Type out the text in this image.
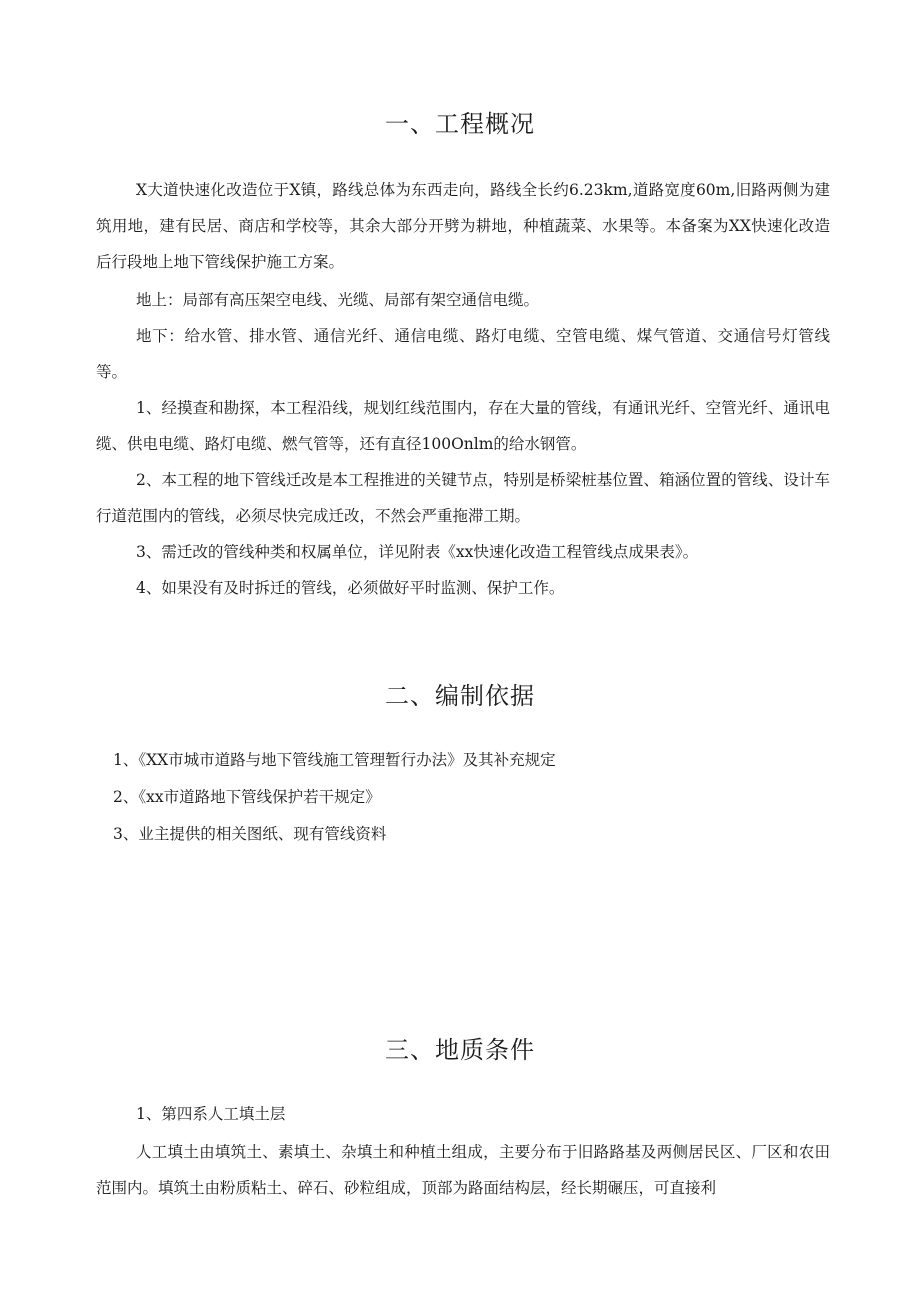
一、工程概况

X大道快速化改造位于X镇，路线总体为东西走向，路线全长约6.23km,道路宽度60m,旧路两侧为建筑用地，建有民居、商店和学校等，其余大部分开劈为耕地，种植蔬菜、水果等。本备案为XX快速化改造后行段地上地下管线保护施工方案。

地上：局部有高压架空电线、光缆、局部有架空通信电缆。

地下：给水管、排水管、通信光纤、通信电缆、路灯电缆、空管电缆、煤气管道、交通信号灯管线等。

1、经摸查和勘探，本工程沿线，规划红线范围内，存在大量的管线，有通讯光纤、空管光纤、通讯电缆、供电电缆、路灯电缆、燃气管等，还有直径100Onlm的给水钢管。

2、本工程的地下管线迁改是本工程推进的关键节点，特别是桥梁桩基位置、箱涵位置的管线、设计车行道范围内的管线，必须尽快完成迁改，不然会严重拖滞工期。

3、需迁改的管线种类和权属单位，详见附表《xx快速化改造工程管线点成果表》。

4、如果没有及时拆迁的管线，必须做好平时监测、保护工作。

二、编制依据

1、《XX市城市道路与地下管线施工管理暂行办法》及其补充规定

2、《xx市道路地下管线保护若干规定》

3、业主提供的相关图纸、现有管线资料

三、地质条件

1、第四系人工填土层

人工填土由填筑土、素填土、杂填土和种植土组成，主要分布于旧路路基及两侧居民区、厂区和农田范围内。填筑土由粉质粘土、碎石、砂粒组成，顶部为路面结构层，经长期碾压，可直接利
